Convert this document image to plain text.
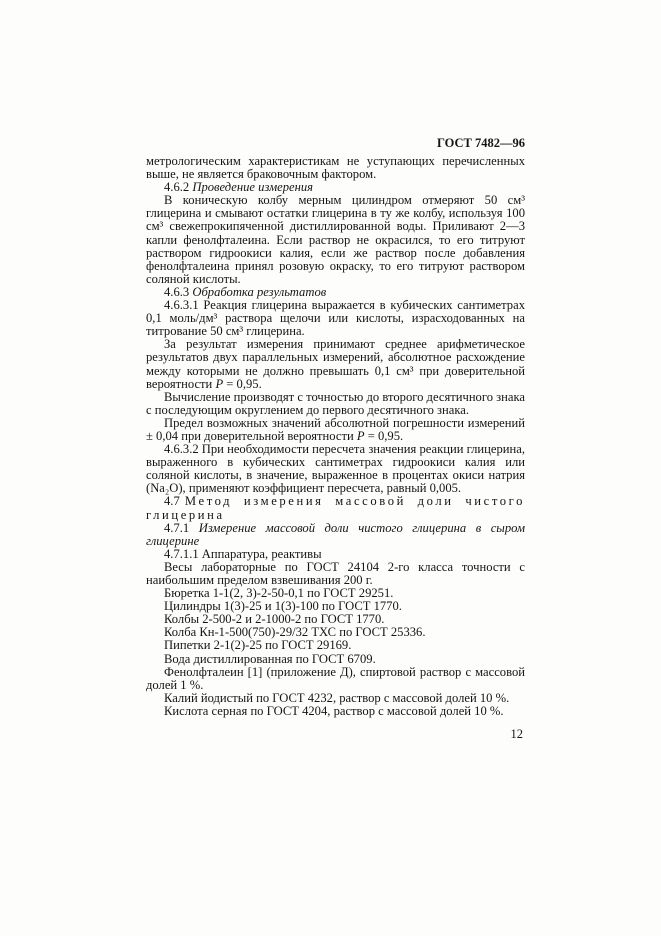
ГОСТ 7482—96

метрологическим характеристикам не уступающих перечисленных выше, не является браковочным фактором.

4.6.2 Проведение измерения

В коническую колбу мерным цилиндром отмеряют 50 см³ глицерина и смывают остатки глицерина в ту же колбу, используя 100 см³ свежепрокипяченной дистиллированной воды. Приливают 2—3 капли фенолфталеина. Если раствор не окрасился, то его титруют раствором гидроокиси калия, если же раствор после добавления фенолфталеина принял розовую окраску, то его титруют раствором соляной кислоты.

4.6.3 Обработка результатов

4.6.3.1 Реакция глицерина выражается в кубических сантиметрах 0,1 моль/дм³ раствора щелочи или кислоты, израсходованных на титрование 50 см³ глицерина.

За результат измерения принимают среднее арифметическое результатов двух параллельных измерений, абсолютное расхождение между которыми не должно превышать 0,1 см³ при доверительной вероятности Р = 0,95.

Вычисление производят с точностью до второго десятичного знака с последующим округлением до первого десятичного знака.

Предел возможных значений абсолютной погрешности измерений ± 0,04 при доверительной вероятности Р = 0,95.

4.6.3.2 При необходимости пересчета значения реакции глицерина, выраженного в кубических сантиметрах гидроокиси калия или соляной кислоты, в значение, выраженное в процентах окиси натрия (Na₂O), применяют коэффициент пересчета, равный 0,005.

4.7 Метод измерения массовой доли чистого глицерина

4.7.1 Измерение массовой доли чистого глицерина в сыром глицерине

4.7.1.1 Аппаратура, реактивы

Весы лабораторные по ГОСТ 24104 2-го класса точности с наибольшим пределом взвешивания 200 г.

Бюретка 1-1(2, 3)-2-50-0,1 по ГОСТ 29251.

Цилиндры 1(3)-25 и 1(3)-100 по ГОСТ 1770.

Колбы 2-500-2 и 2-1000-2 по ГОСТ 1770.

Колба Кн-1-500(750)-29/32 ТХС по ГОСТ 25336.

Пипетки 2-1(2)-25 по ГОСТ 29169.

Вода дистиллированная по ГОСТ 6709.

Фенолфталеин [1] (приложение Д), спиртовой раствор с массовой долей 1 %.

Калий йодистый по ГОСТ 4232, раствор с массовой долей 10 %.

Кислота серная по ГОСТ 4204, раствор с массовой долей 10 %.

12
